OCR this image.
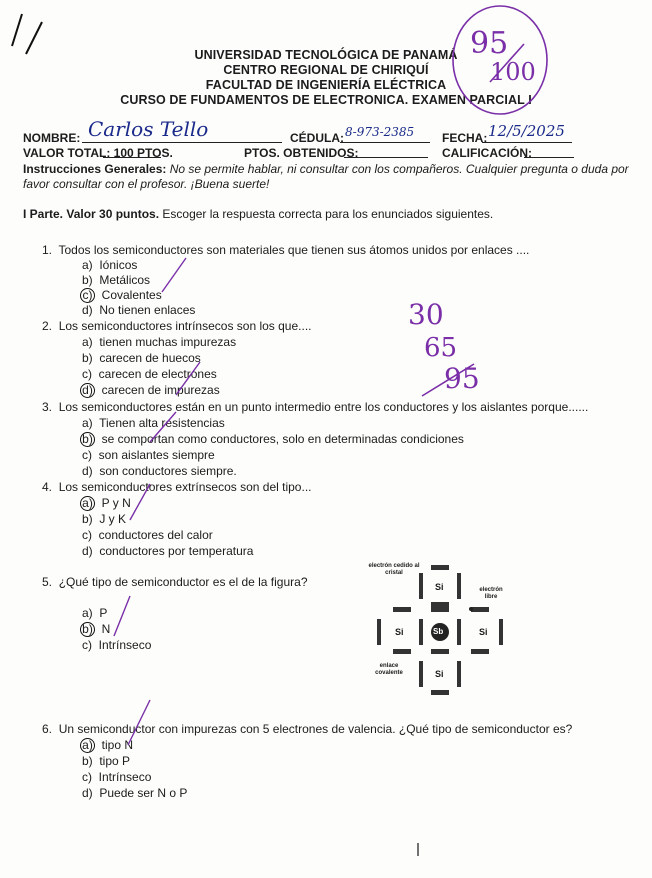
UNIVERSIDAD TECNOLÓGICA DE PANAMÁ
CENTRO REGIONAL DE CHIRIQUÍ
FACULTAD DE INGENIERÍA ELÉCTRICA
CURSO DE FUNDAMENTOS DE ELECTRONICA. EXAMEN PARCIAL I
95
100
NOMBRE: Carlos Tello	CÉDULA: 8-973-2385 FECHA: 12/5/2025
VALOR TOTAL: 100 PTOS.	PTOS. OBTENIDOS:	CALIFICACIÓN:
Instrucciones Generales: No se permite hablar, ni consultar con los compañeros. Cualquier pregunta o duda por
favor consultar con el profesor. ¡Buena suerte!
I Parte. Valor 30 puntos. Escoger la respuesta correcta para los enunciados siguientes.
1. Todos los semiconductores son materiales que tienen sus átomos unidos por enlaces ....
a) Iónicos
b) Metálicos
c) Covalentes
d) No tienen enlaces
2. Los semiconductores intrínsecos son los que....
a) tienen muchas impurezas
b) carecen de huecos
c) carecen de electrones
d) carecen de impurezas
30
65
95
3. Los semiconductores están en un punto intermedio entre los conductores y los aislantes porque......
a) Tienen alta resistencias
b) se comportan como conductores, solo en determinadas condiciones
c) son aislantes siempre
d) son conductores siempre.
4. Los semiconductores extrínsecos son del tipo...
a) P y N
b) J y K
c) conductores del calor
d) conductores por temperatura
5. ¿Qué tipo de semiconductor es el de la figura?
a) P
b) N
c) Intrínseco
Si
Si	Sb	Si
Si
electrón cedido al cristal
electrón libre
enlace covalente
6. Un semiconductor con impurezas con 5 electrones de valencia. ¿Qué tipo de semiconductor es?
a) tipo N
b) tipo P
c) Intrínseco
d) Puede ser N o P
